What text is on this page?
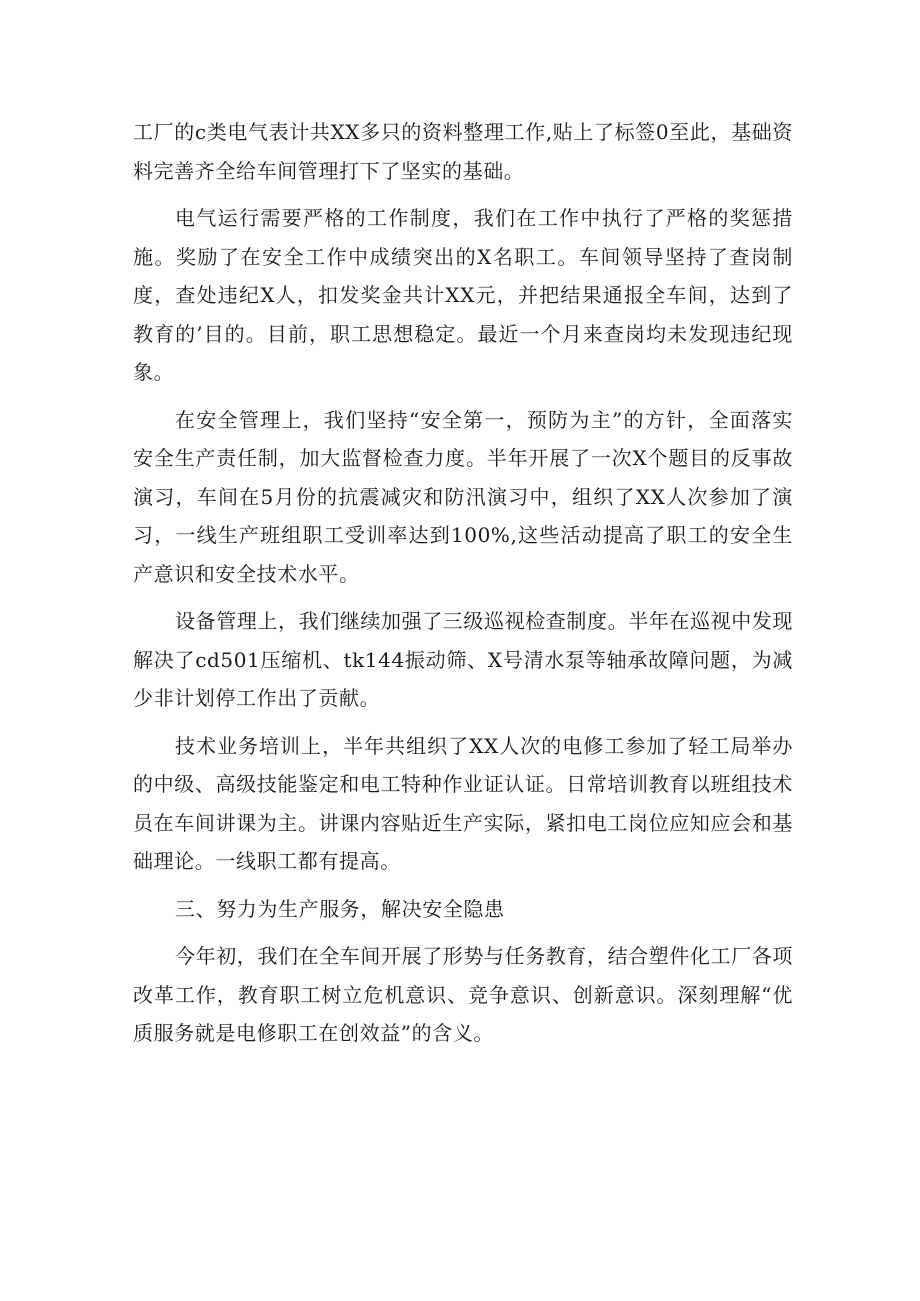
工厂的c类电气表计共XX多只的资料整理工作,贴上了标签0至此，基础资料完善齐全给车间管理打下了坚实的基础。

电气运行需要严格的工作制度，我们在工作中执行了严格的奖惩措施。奖励了在安全工作中成绩突出的X名职工。车间领导坚持了查岗制度，查处违纪X人，扣发奖金共计XX元，并把结果通报全车间，达到了教育的’目的。目前，职工思想稳定。最近一个月来查岗均未发现违纪现象。

在安全管理上，我们坚持“安全第一，预防为主”的方针，全面落实安全生产责任制，加大监督检查力度。半年开展了一次X个题目的反事故演习，车间在5月份的抗震减灾和防汛演习中，组织了XX人次参加了演习，一线生产班组职工受训率达到100%,这些活动提高了职工的安全生产意识和安全技术水平。

设备管理上，我们继续加强了三级巡视检查制度。半年在巡视中发现解决了cd501压缩机、tk144振动筛、X号清水泵等轴承故障问题，为减少非计划停工作出了贡献。

技术业务培训上，半年共组织了XX人次的电修工参加了轻工局举办的中级、高级技能鉴定和电工特种作业证认证。日常培训教育以班组技术员在车间讲课为主。讲课内容贴近生产实际，紧扣电工岗位应知应会和基础理论。一线职工都有提高。

三、努力为生产服务，解决安全隐患

今年初，我们在全车间开展了形势与任务教育，结合塑件化工厂各项改革工作，教育职工树立危机意识、竞争意识、创新意识。深刻理解“优质服务就是电修职工在创效益”的含义。
